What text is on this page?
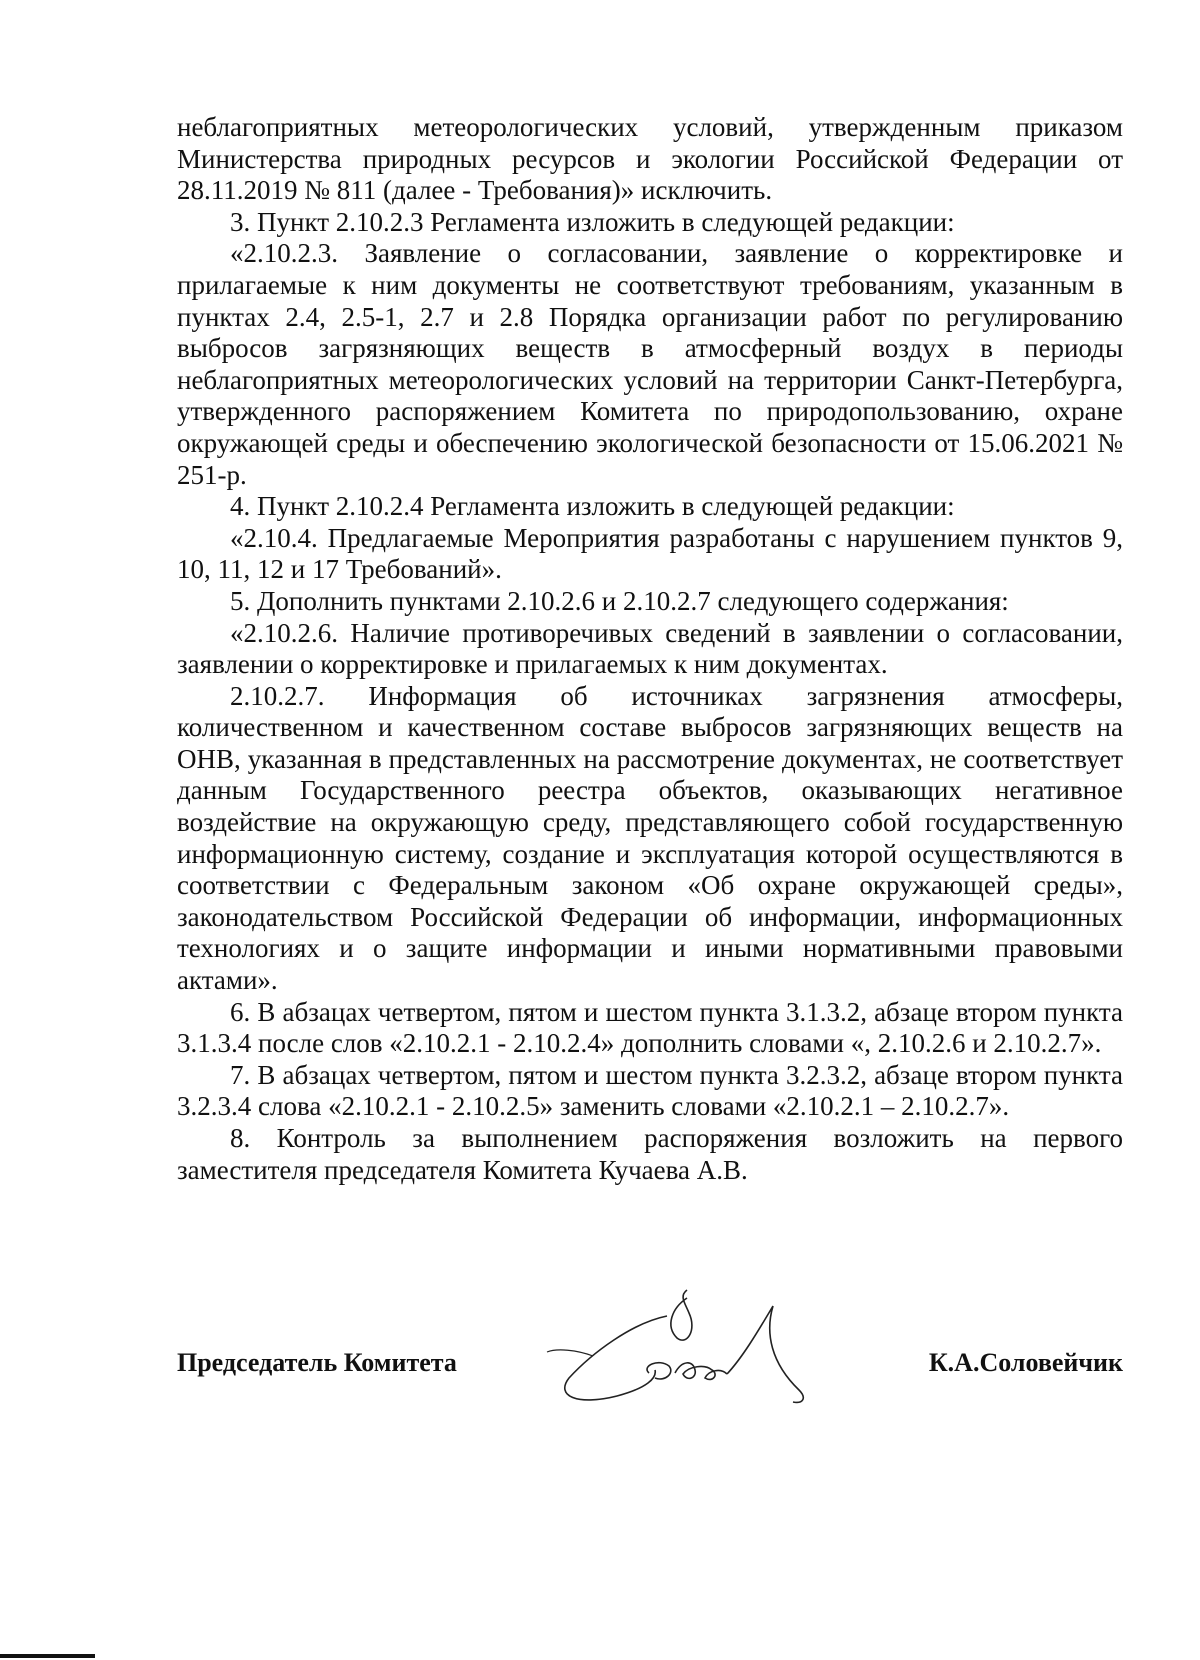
неблагоприятных метеорологических условий, утвержденным приказом Министерства природных ресурсов и экологии Российской Федерации от 28.11.2019 № 811 (далее - Требования)» исключить.

3. Пункт 2.10.2.3 Регламента изложить в следующей редакции:

«2.10.2.3. Заявление о согласовании, заявление о корректировке и прилагаемые к ним документы не соответствуют требованиям, указанным в пунктах 2.4, 2.5-1, 2.7 и 2.8 Порядка организации работ по регулированию выбросов загрязняющих веществ в атмосферный воздух в периоды неблагоприятных метеорологических условий на территории Санкт-Петербурга, утвержденного распоряжением Комитета по природопользованию, охране окружающей среды и обеспечению экологической безопасности от 15.06.2021 № 251-р.

4. Пункт 2.10.2.4 Регламента изложить в следующей редакции:

«2.10.4. Предлагаемые Мероприятия разработаны с нарушением пунктов 9, 10, 11, 12 и 17 Требований».

5. Дополнить пунктами 2.10.2.6 и 2.10.2.7 следующего содержания:

«2.10.2.6. Наличие противоречивых сведений в заявлении о согласовании, заявлении о корректировке и прилагаемых к ним документах.

2.10.2.7. Информация об источниках загрязнения атмосферы, количественном и качественном составе выбросов загрязняющих веществ на ОНВ, указанная в представленных на рассмотрение документах, не соответствует данным Государственного реестра объектов, оказывающих негативное воздействие на окружающую среду, представляющего собой государственную информационную систему, создание и эксплуатация которой осуществляются в соответствии с Федеральным законом «Об охране окружающей среды», законодательством Российской Федерации об информации, информационных технологиях и о защите информации и иными нормативными правовыми актами».

6. В абзацах четвертом, пятом и шестом пункта 3.1.3.2, абзаце втором пункта 3.1.3.4 после слов «2.10.2.1 - 2.10.2.4» дополнить словами «, 2.10.2.6 и 2.10.2.7».

7. В абзацах четвертом, пятом и шестом пункта 3.2.3.2, абзаце втором пункта 3.2.3.4 слова «2.10.2.1 - 2.10.2.5» заменить словами «2.10.2.1 – 2.10.2.7».

8. Контроль за выполнением распоряжения возложить на первого заместителя председателя Комитета Кучаева А.В.

Председатель Комитета	К.А.Соловейчик
